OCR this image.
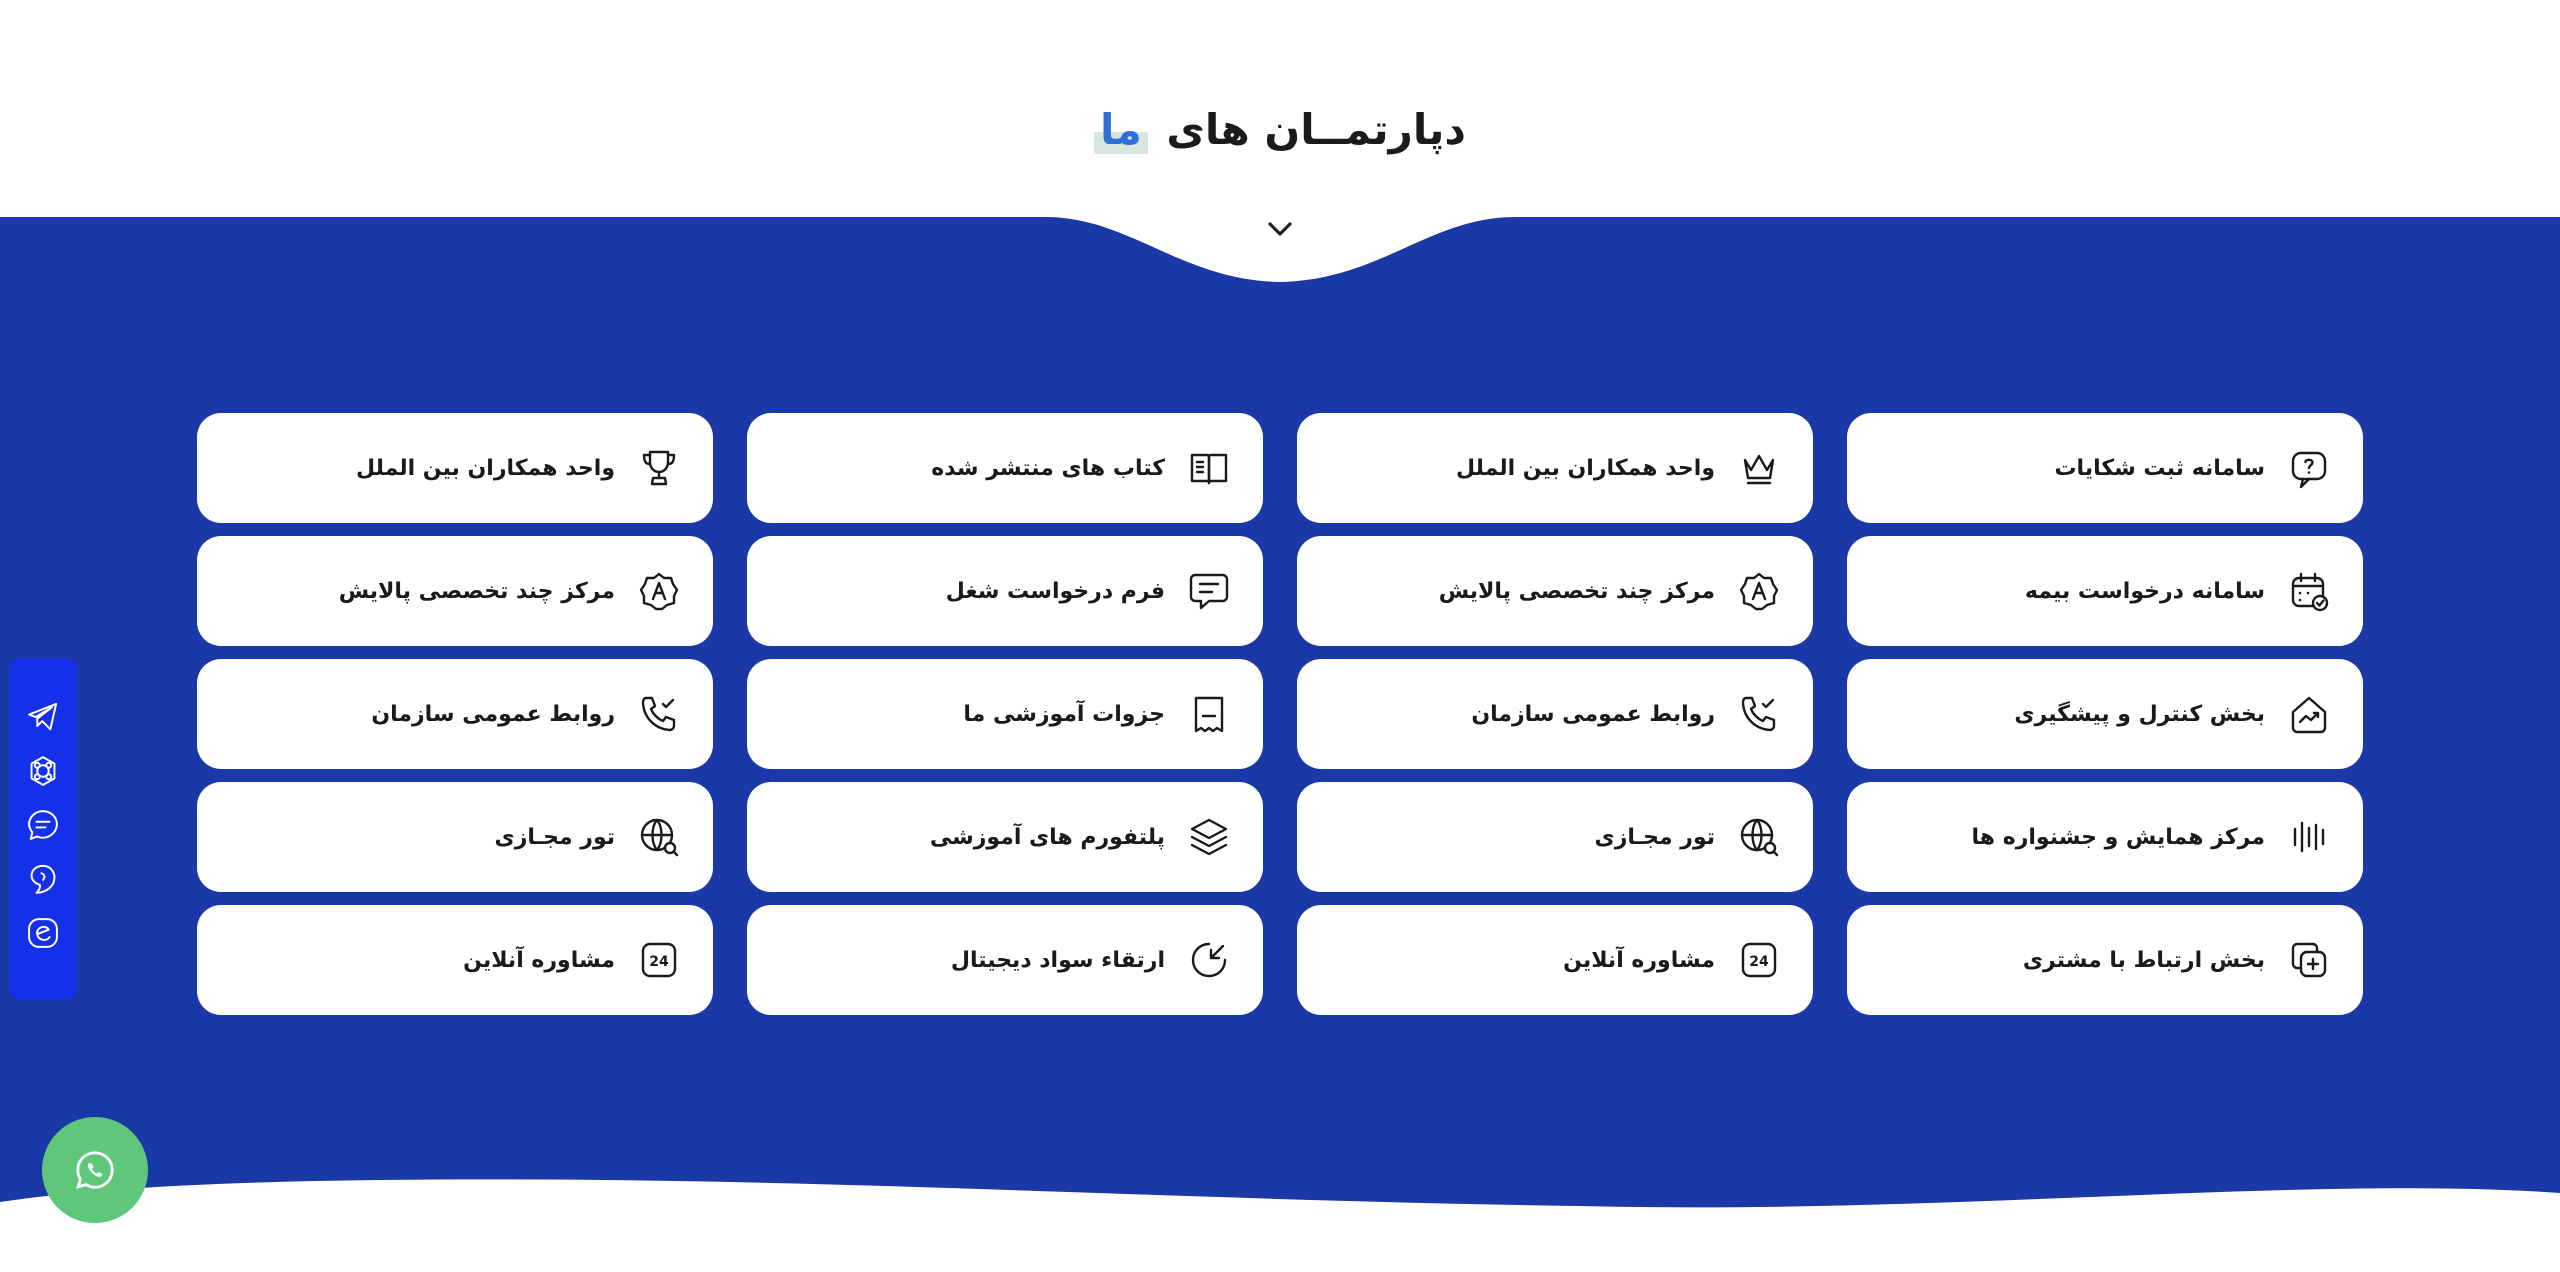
دپارتمــان های ما
سامانه ثبت شکایات
واحد همکاران بین الملل
کتاب های منتشر شده
واحد همکاران بین الملل
سامانه درخواست بیمه
مرکز چند تخصصی پالایش
فرم درخواست شغل
مرکز چند تخصصی پالایش
بخش کنترل و پیشگیری
روابط عمومی سازمان
جزوات آموزشی ما
روابط عمومی سازمان
مرکز همایش و جشنواره ها
تور مجـازی
پلتفورم های آموزشی
تور مجـازی
بخش ارتباط با مشتری
24
مشاوره آنلاین
ارتقاء سواد دیجیتال
24
مشاوره آنلاین
